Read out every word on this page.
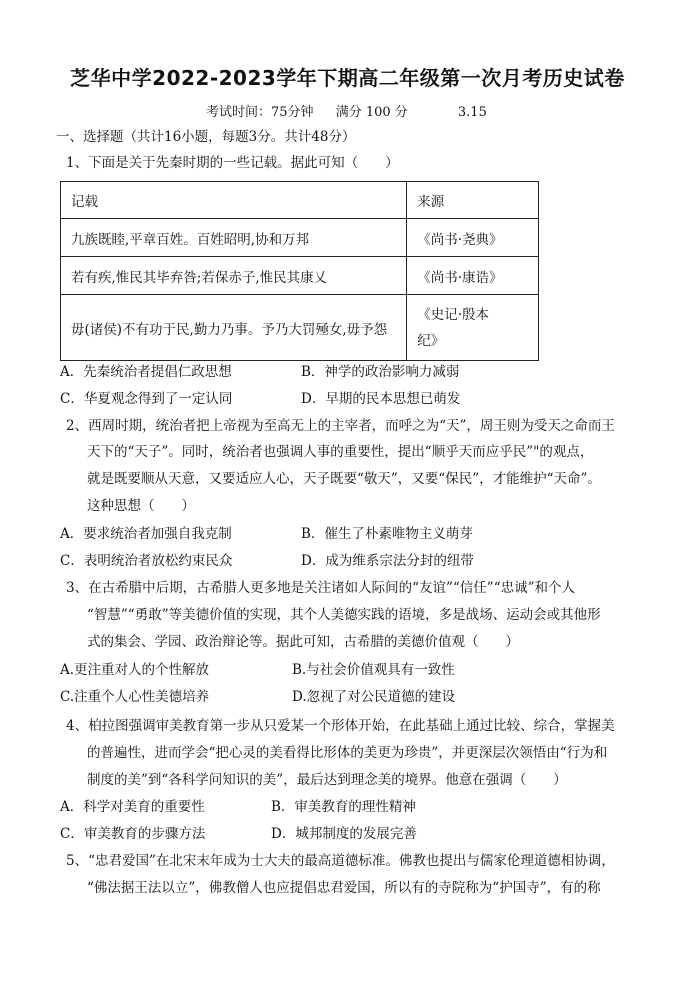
芝华中学2022-2023学年下期高二年级第一次月考历史试卷
考试时间：75分钟 满分 100 分	3.15
一、选择题（共计16小题，每题3分。共计48分）
1、下面是关于先秦时期的一些记载。据此可知（　　）
记载	来源
九族既睦,平章百姓。百姓昭明,协和万邦	《尚书·尧典》
若有疾,惟民其毕弃咎;若保赤子,惟民其康乂	《尚书·康诰》
毋(诸侯)不有功于民,勤力乃事。予乃大罚殛女,毋予怨	《史记·殷本
纪》
A．先秦统治者提倡仁政思想	B．神学的政治影响力减弱
C．华夏观念得到了一定认同	D．早期的民本思想已萌发
2、西周时期，统治者把上帝视为至高无上的主宰者，而呼之为“天”，周王则为受天之命而王
天下的“天子”。同时，统治者也强调人事的重要性，提出“顺乎天而应乎民”"的观点，
就是既要顺从天意，又要适应人心，天子既要“敬天”，又要“保民”，才能维护“天命”。
这种思想（　　）
A．要求统治者加强自我克制	B．催生了朴素唯物主义萌芽
C．表明统治者放松约束民众	D．成为维系宗法分封的纽带
3、在古希腊中后期，古希腊人更多地是关注诸如人际间的“友谊”“信任”“忠诚”和个人
“智慧”“勇敢”等美德价值的实现，其个人美德实践的语境，多是战场、运动会或其他形
式的集会、学园、政治辩论等。据此可知，古希腊的美德价值观（　　）
A.更注重对人的个性解放	B.与社会价值观具有一致性
C.注重个人心性美德培养	D.忽视了对公民道德的建设
4、柏拉图强调审美教育第一步从只爱某一个形体开始，在此基础上通过比较、综合，掌握美
的普遍性，进而学会“把心灵的美看得比形体的美更为珍贵”，并更深层次领悟由“行为和
制度的美”到“各科学问知识的美”，最后达到理念美的境界。他意在强调（　　）
A．科学对美育的重要性	B．审美教育的理性精神
C．审美教育的步骤方法	D．城邦制度的发展完善
5、“忠君爱国”在北宋末年成为士大夫的最高道德标准。佛教也提出与儒家伦理道德相协调，
“佛法据王法以立”，佛教僧人也应提倡忠君爱国，所以有的寺院称为“护国寺”，有的称
